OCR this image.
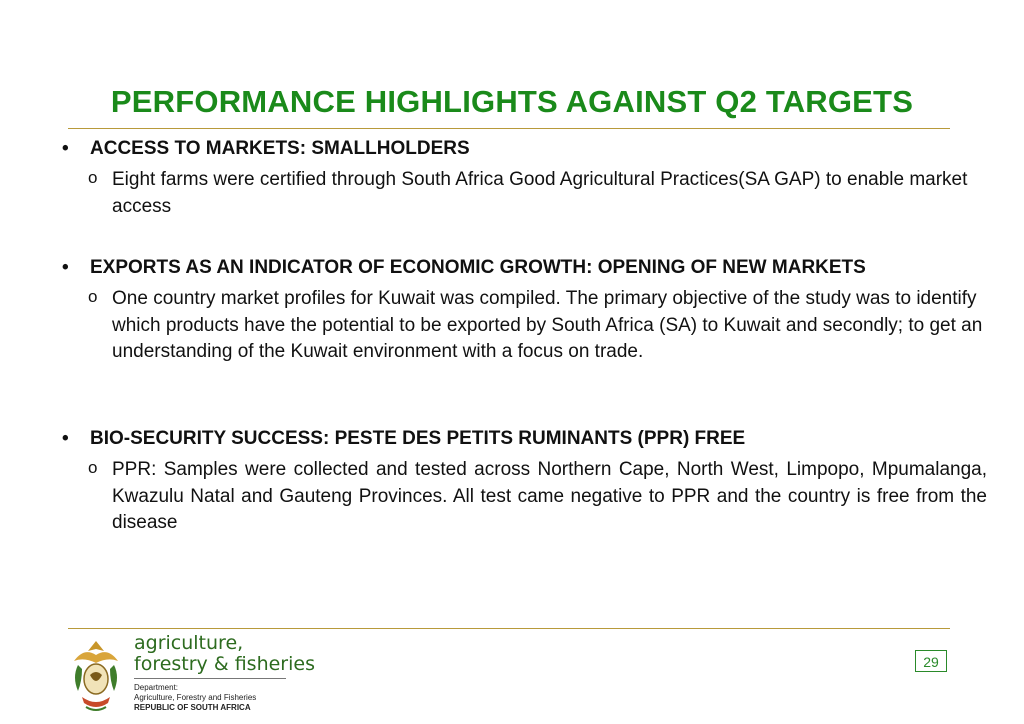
PERFORMANCE HIGHLIGHTS AGAINST Q2 TARGETS
•	ACCESS TO MARKETS: SMALLHOLDERS
o Eight farms were certified through South Africa Good Agricultural Practices(SA GAP) to enable market access
•	EXPORTS AS AN INDICATOR OF ECONOMIC GROWTH: OPENING OF NEW MARKETS
o One country market profiles for Kuwait was compiled. The primary objective of the study was to identify which products have the potential to be exported by South Africa (SA) to Kuwait and secondly; to get an understanding of the Kuwait environment with a focus on trade.
•	BIO-SECURITY SUCCESS: PESTE DES PETITS RUMINANTS (PPR) FREE
o PPR: Samples were collected and tested across Northern Cape, North West, Limpopo, Mpumalanga, Kwazulu Natal and Gauteng Provinces. All test came negative to PPR and the country is free from the disease
agriculture,
forestry & fisheries
Department:
Agriculture, Forestry and Fisheries
REPUBLIC OF SOUTH AFRICA
29
